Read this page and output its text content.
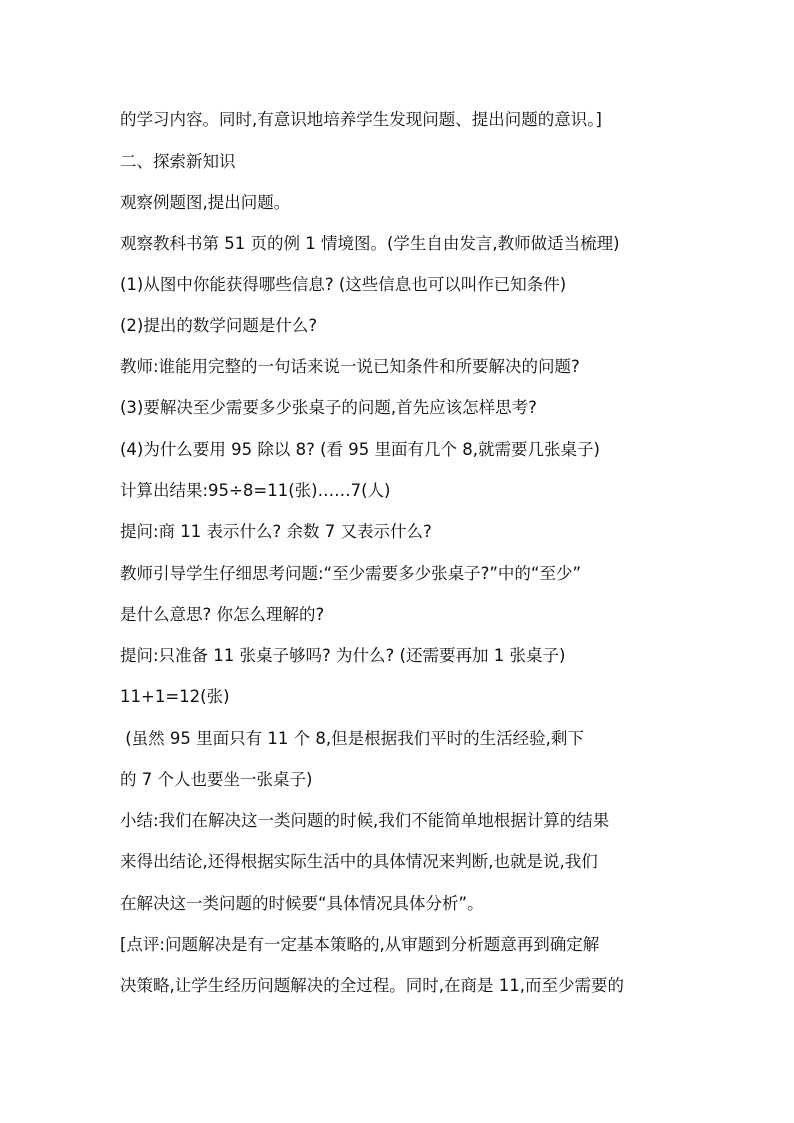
的学习内容。同时,有意识地培养学生发现问题、提出问题的意识。]
二、探索新知识
观察例题图,提出问题。
观察教科书第 51 页的例 1 情境图。(学生自由发言,教师做适当梳理)
(1)从图中你能获得哪些信息? (这些信息也可以叫作已知条件)
(2)提出的数学问题是什么?
教师:谁能用完整的一句话来说一说已知条件和所要解决的问题?
(3)要解决至少需要多少张桌子的问题,首先应该怎样思考?
(4)为什么要用 95 除以 8? (看 95 里面有几个 8,就需要几张桌子)
计算出结果:95÷8=11(张)……7(人)
提问:商 11 表示什么? 余数 7 又表示什么?
教师引导学生仔细思考问题:“至少需要多少张桌子?”中的“至少”
是什么意思? 你怎么理解的?
提问:只准备 11 张桌子够吗? 为什么? (还需要再加 1 张桌子)
11+1=12(张)
(虽然 95 里面只有 11 个 8,但是根据我们平时的生活经验,剩下
的 7 个人也要坐一张桌子)
小结:我们在解决这一类问题的时候,我们不能简单地根据计算的结果
来得出结论,还得根据实际生活中的具体情况来判断,也就是说,我们
在解决这一类问题的时候要“具体情况具体分析”。
[点评:问题解决是有一定基本策略的,从审题到分析题意再到确定解
决策略,让学生经历问题解决的全过程。同时,在商是 11,而至少需要的
